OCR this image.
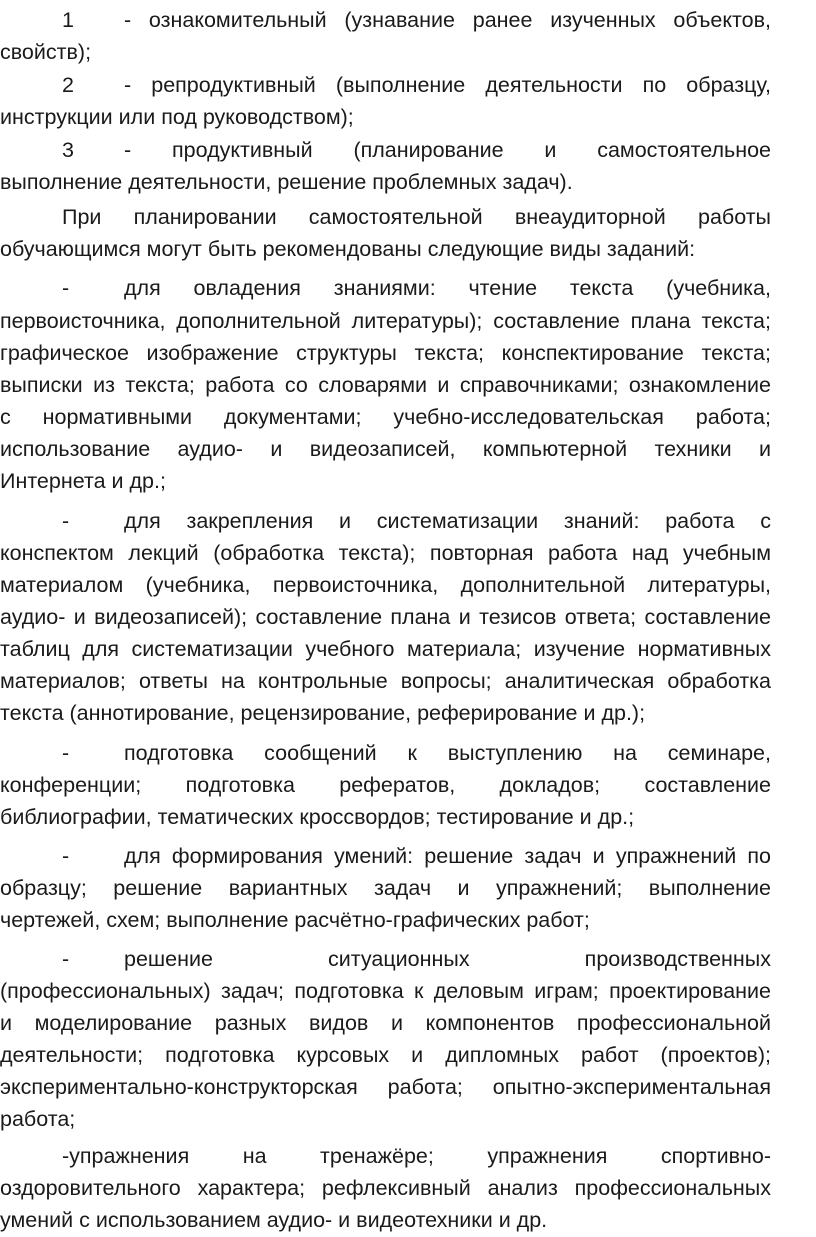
1 - ознакомительный (узнавание ранее изученных объектов,
свойств);
2 - репродуктивный (выполнение деятельности по образцу,
инструкции или под руководством);
3 - продуктивный (планирование и самостоятельное
выполнение деятельности, решение проблемных задач).
При планировании самостоятельной внеаудиторной работы
обучающимся могут быть рекомендованы следующие виды заданий:
-	для овладения знаниями: чтение текста (учебника,
первоисточника, дополнительной литературы); составление плана текста;
графическое изображение структуры текста; конспектирование текста;
выписки из текста; работа со словарями и справочниками; ознакомление
с нормативными документами; учебно-исследовательская работа;
использование аудио- и видеозаписей, компьютерной техники и
Интернета и др.;
-	для закрепления и систематизации знаний: работа с
конспектом лекций (обработка текста); повторная работа над учебным
материалом (учебника, первоисточника, дополнительной литературы,
аудио- и видеозаписей); составление плана и тезисов ответа; составление
таблиц для систематизации учебного материала; изучение нормативных
материалов; ответы на контрольные вопросы; аналитическая обработка
текста (аннотирование, рецензирование, реферирование и др.);
-	подготовка сообщений к выступлению на семинаре,
конференции; подготовка рефератов, докладов; составление
библиографии, тематических кроссвордов; тестирование и др.;
-	для формирования умений: решение задач и упражнений по
образцу; решение вариантных задач и упражнений; выполнение
чертежей, схем; выполнение расчётно-графических работ;
-	решение ситуационных производственных
(профессиональных) задач; подготовка к деловым играм; проектирование
и моделирование разных видов и компонентов профессиональной
деятельности; подготовка курсовых и дипломных работ (проектов);
экспериментально-конструкторская работа; опытно-экспериментальная
работа;
-упражнения на тренажёре; упражнения спортивно-
оздоровительного характера; рефлексивный анализ профессиональных
умений с использованием аудио- и видеотехники и др.
